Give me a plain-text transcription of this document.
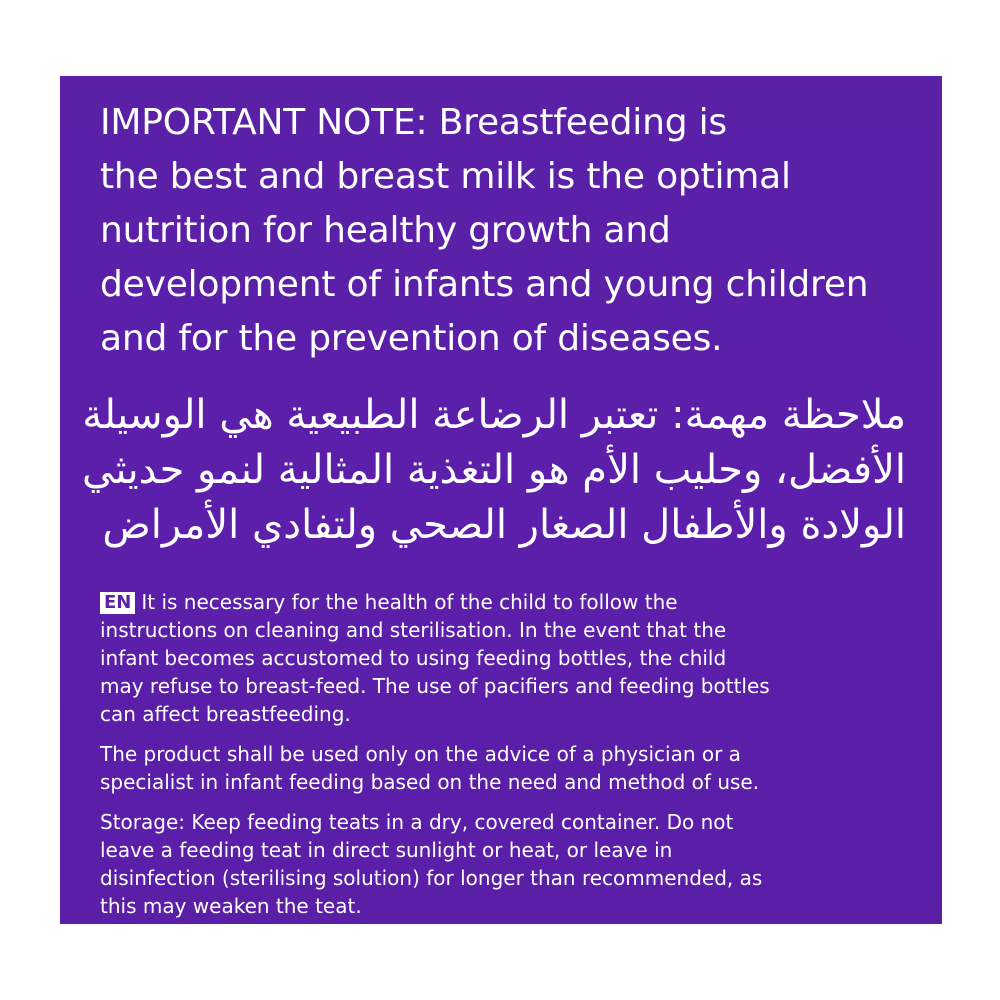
IMPORTANT NOTE: Breastfeeding is
the best and breast milk is the optimal
nutrition for healthy growth and
development of infants and young children
and for the prevention of diseases.
ملاحظة مهمة: تعتبر الرضاعة الطبيعية هي الوسيلة
الأفضل، وحليب الأم هو التغذية المثالية لنمو حديثي
الولادة والأطفال الصغار الصحي ولتفادي الأمراض
EN It is necessary for the health of the child to follow the
instructions on cleaning and sterilisation. In the event that the
infant becomes accustomed to using feeding bottles, the child
may refuse to breast-feed. The use of pacifiers and feeding bottles
can affect breastfeeding.
The product shall be used only on the advice of a physician or a
specialist in infant feeding based on the need and method of use.
Storage: Keep feeding teats in a dry, covered container. Do not
leave a feeding teat in direct sunlight or heat, or leave in
disinfection (sterilising solution) for longer than recommended, as
this may weaken the teat.
